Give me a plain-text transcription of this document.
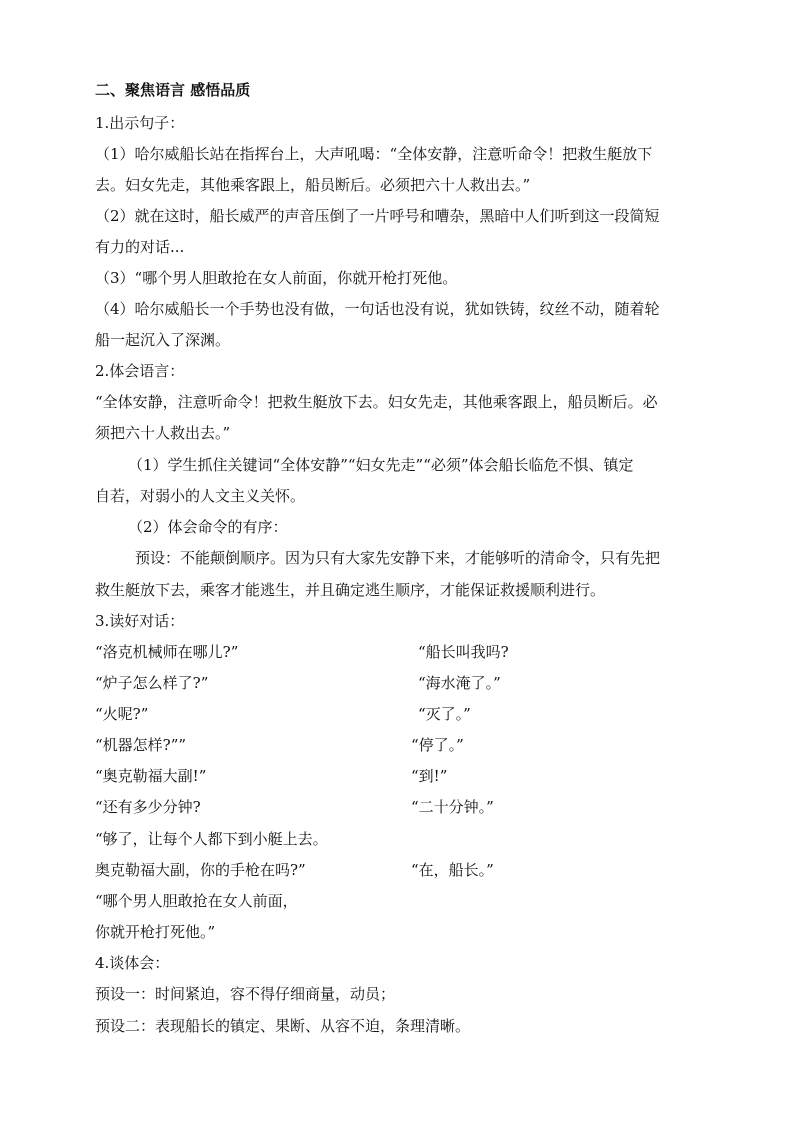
二、聚焦语言 感悟品质
1.出示句子：
（1）哈尔威船长站在指挥台上，大声吼喝：“全体安静，注意听命令！把救生艇放下
去。妇女先走，其他乘客跟上，船员断后。必须把六十人救出去。”
（2）就在这时，船长威严的声音压倒了一片呼号和嘈杂，黑暗中人们听到这一段简短
有力的对话...
（3）“哪个男人胆敢抢在女人前面，你就开枪打死他。
（4）哈尔威船长一个手势也没有做，一句话也没有说，犹如铁铸，纹丝不动，随着轮
船一起沉入了深渊。
2.体会语言：
“全体安静，注意听命令！把救生艇放下去。妇女先走，其他乘客跟上，船员断后。必
须把六十人救出去。”
（1）学生抓住关键词“全体安静”“妇女先走”“必须”体会船长临危不惧、镇定
自若，对弱小的人文主义关怀。
（2）体会命令的有序：
预设：不能颠倒顺序。因为只有大家先安静下来，才能够听的清命令，只有先把
救生艇放下去，乘客才能逃生，并且确定逃生顺序，才能保证救援顺利进行。
3.读好对话：
“洛克机械师在哪儿?”	“船长叫我吗?
“炉子怎么样了?”	“海水淹了。”
“火呢?”	“灭了。”
“机器怎样?””	“停了。”
“奥克勒福大副!”	“到!”
“还有多少分钟?	“二十分钟。”
“够了，让每个人都下到小艇上去。
奥克勒福大副，你的手枪在吗?”	“在，船长。”
“哪个男人胆敢抢在女人前面，
你就开枪打死他。”
4.谈体会：
预设一：时间紧迫，容不得仔细商量，动员；
预设二：表现船长的镇定、果断、从容不迫，条理清晰。
